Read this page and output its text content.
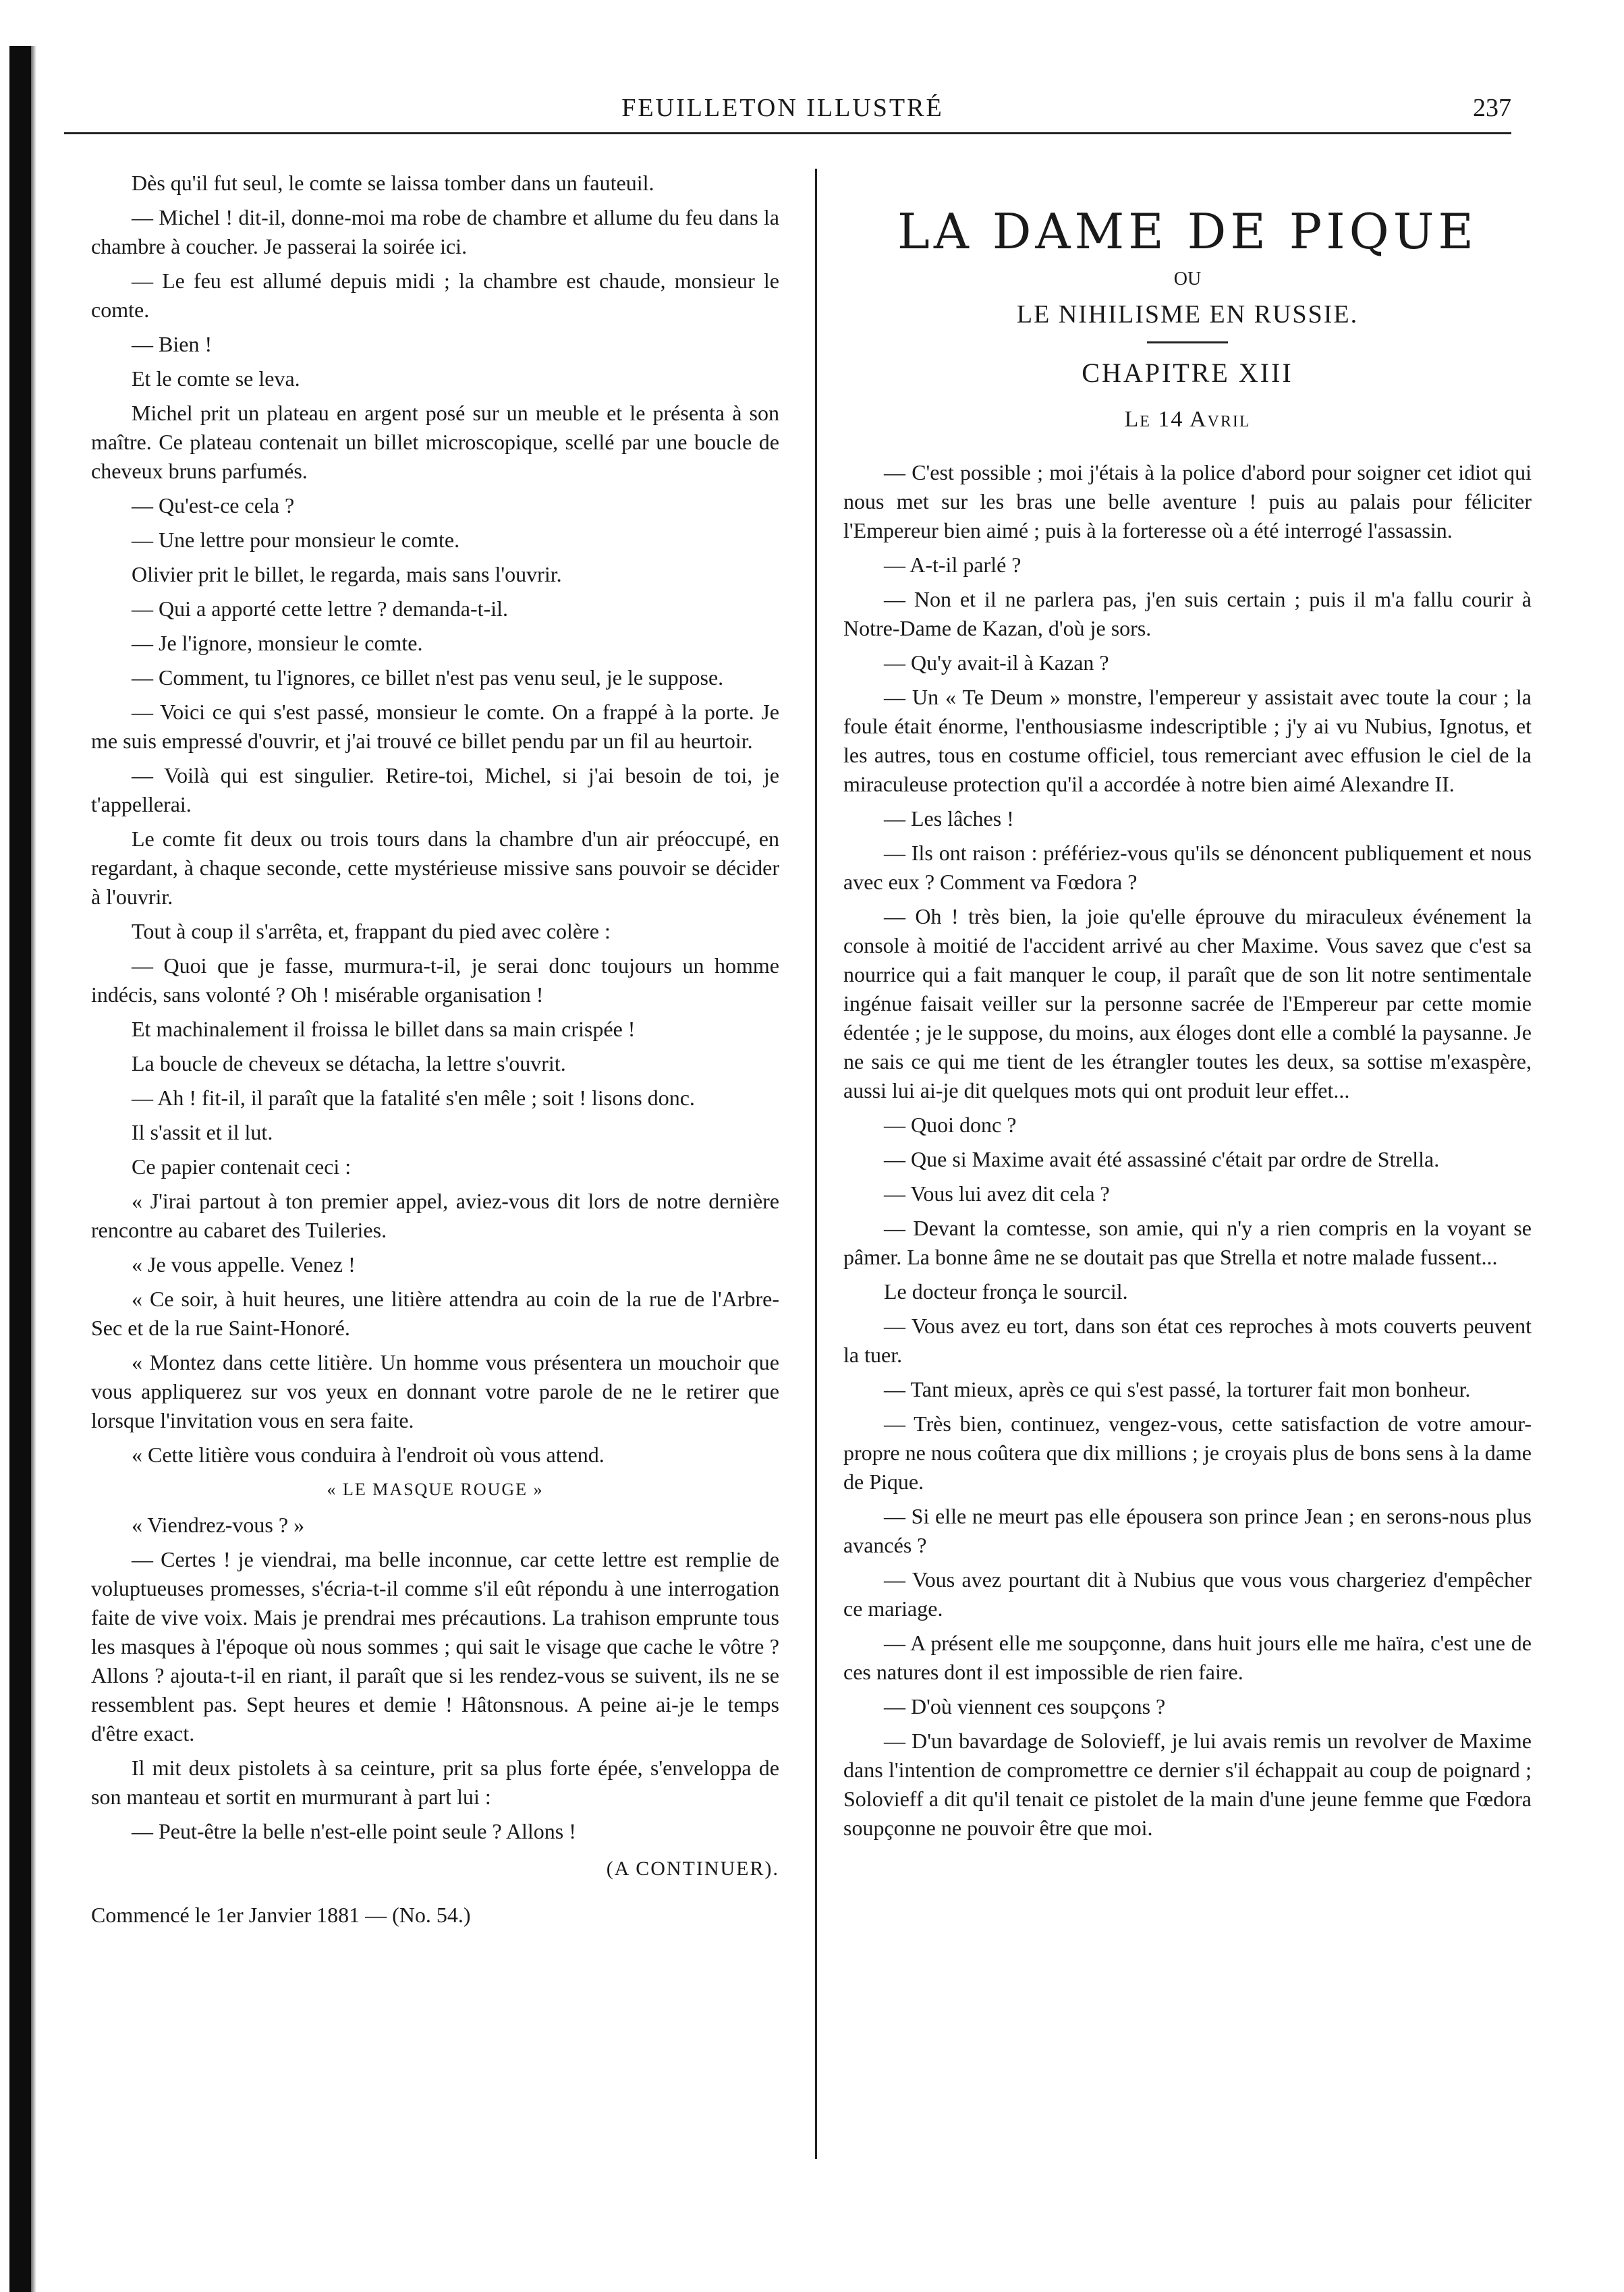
FEUILLETON ILLUSTRÉ	237

Dès qu'il fut seul, le comte se laissa tomber dans un fauteuil.

— Michel ! dit-il, donne-moi ma robe de chambre et allume du feu dans la chambre à coucher. Je passerai la soirée ici.

— Le feu est allumé depuis midi ; la chambre est chaude, monsieur le comte.

— Bien !

Et le comte se leva.

Michel prit un plateau en argent posé sur un meuble et le présenta à son maître. Ce plateau contenait un billet microscopique, scellé par une boucle de cheveux bruns parfumés.

— Qu'est-ce cela ?

— Une lettre pour monsieur le comte.

Olivier prit le billet, le regarda, mais sans l'ouvrir.

— Qui a apporté cette lettre ? demanda-t-il.

— Je l'ignore, monsieur le comte.

— Comment, tu l'ignores, ce billet n'est pas venu seul, je le suppose.

— Voici ce qui s'est passé, monsieur le comte. On a frappé à la porte. Je me suis empressé d'ouvrir, et j'ai trouvé ce billet pendu par un fil au heurtoir.

— Voilà qui est singulier. Retire-toi, Michel, si j'ai besoin de toi, je t'appellerai.

Le comte fit deux ou trois tours dans la chambre d'un air préoccupé, en regardant, à chaque seconde, cette mystérieuse missive sans pouvoir se décider à l'ouvrir.

Tout à coup il s'arrêta, et, frappant du pied avec colère :

— Quoi que je fasse, murmura-t-il, je serai donc toujours un homme indécis, sans volonté ? Oh ! misérable organisation !

Et machinalement il froissa le billet dans sa main crispée !

La boucle de cheveux se détacha, la lettre s'ouvrit.

— Ah ! fit-il, il paraît que la fatalité s'en mêle ; soit ! lisons donc.

Il s'assit et il lut.

Ce papier contenait ceci :

« J'irai partout à ton premier appel, aviez-vous dit lors de notre dernière rencontre au cabaret des Tuileries.

« Je vous appelle. Venez !

« Ce soir, à huit heures, une litière attendra au coin de la rue de l'Arbre-Sec et de la rue Saint-Honoré.

« Montez dans cette litière. Un homme vous présentera un mouchoir que vous appliquerez sur vos yeux en donnant votre parole de ne le retirer que lorsque l'invitation vous en sera faite.

« Cette litière vous conduira à l'endroit où vous attend.

« LE MASQUE ROUGE »

« Viendrez-vous ? »

— Certes ! je viendrai, ma belle inconnue, car cette lettre est remplie de voluptueuses promesses, s'écria-t-il comme s'il eût répondu à une interrogation faite de vive voix. Mais je prendrai mes précautions. La trahison emprunte tous les masques à l'époque où nous sommes ; qui sait le visage que cache le vôtre ? Allons ? ajouta-t-il en riant, il paraît que si les rendez-vous se suivent, ils ne se ressemblent pas. Sept heures et demie ! Hâtonsnous. A peine ai-je le temps d'être exact.

Il mit deux pistolets à sa ceinture, prit sa plus forte épée, s'enveloppa de son manteau et sortit en murmurant à part lui :

— Peut-être la belle n'est-elle point seule ? Allons !

(A CONTINUER).

Commencé le 1er Janvier 1881 — (No. 54.)

LA DAME DE PIQUE
OU
LE NIHILISME EN RUSSIE.
CHAPITRE XIII
Le 14 Avril

— C'est possible ; moi j'étais à la police d'abord pour soigner cet idiot qui nous met sur les bras une belle aventure ! puis au palais pour féliciter l'Empereur bien aimé ; puis à la forteresse où a été interrogé l'assassin.

— A-t-il parlé ?

— Non et il ne parlera pas, j'en suis certain ; puis il m'a fallu courir à Notre-Dame de Kazan, d'où je sors.

— Qu'y avait-il à Kazan ?

— Un « Te Deum » monstre, l'empereur y assistait avec toute la cour ; la foule était énorme, l'enthousiasme indescriptible ; j'y ai vu Nubius, Ignotus, et les autres, tous en costume officiel, tous remerciant avec effusion le ciel de la miraculeuse protection qu'il a accordée à notre bien aimé Alexandre II.

— Les lâches !

— Ils ont raison : préfériez-vous qu'ils se dénoncent publiquement et nous avec eux ? Comment va Fœdora ?

— Oh ! très bien, la joie qu'elle éprouve du miraculeux événement la console à moitié de l'accident arrivé au cher Maxime. Vous savez que c'est sa nourrice qui a fait manquer le coup, il paraît que de son lit notre sentimentale ingénue faisait veiller sur la personne sacrée de l'Empereur par cette momie édentée ; je le suppose, du moins, aux éloges dont elle a comblé la paysanne. Je ne sais ce qui me tient de les étrangler toutes les deux, sa sottise m'exaspère, aussi lui ai-je dit quelques mots qui ont produit leur effet...

— Quoi donc ?

— Que si Maxime avait été assassiné c'était par ordre de Strella.

— Vous lui avez dit cela ?

— Devant la comtesse, son amie, qui n'y a rien compris en la voyant se pâmer. La bonne âme ne se doutait pas que Strella et notre malade fussent...

Le docteur fronça le sourcil.

— Vous avez eu tort, dans son état ces reproches à mots couverts peuvent la tuer.

— Tant mieux, après ce qui s'est passé, la torturer fait mon bonheur.

— Très bien, continuez, vengez-vous, cette satisfaction de votre amour-propre ne nous coûtera que dix millions ; je croyais plus de bons sens à la dame de Pique.

— Si elle ne meurt pas elle épousera son prince Jean ; en serons-nous plus avancés ?

— Vous avez pourtant dit à Nubius que vous vous chargeriez d'empêcher ce mariage.

— A présent elle me soupçonne, dans huit jours elle me haïra, c'est une de ces natures dont il est impossible de rien faire.

— D'où viennent ces soupçons ?

— D'un bavardage de Solovieff, je lui avais remis un revolver de Maxime dans l'intention de compromettre ce dernier s'il échappait au coup de poignard ; Solovieff a dit qu'il tenait ce pistolet de la main d'une jeune femme que Fœdora soupçonne ne pouvoir être que moi.
